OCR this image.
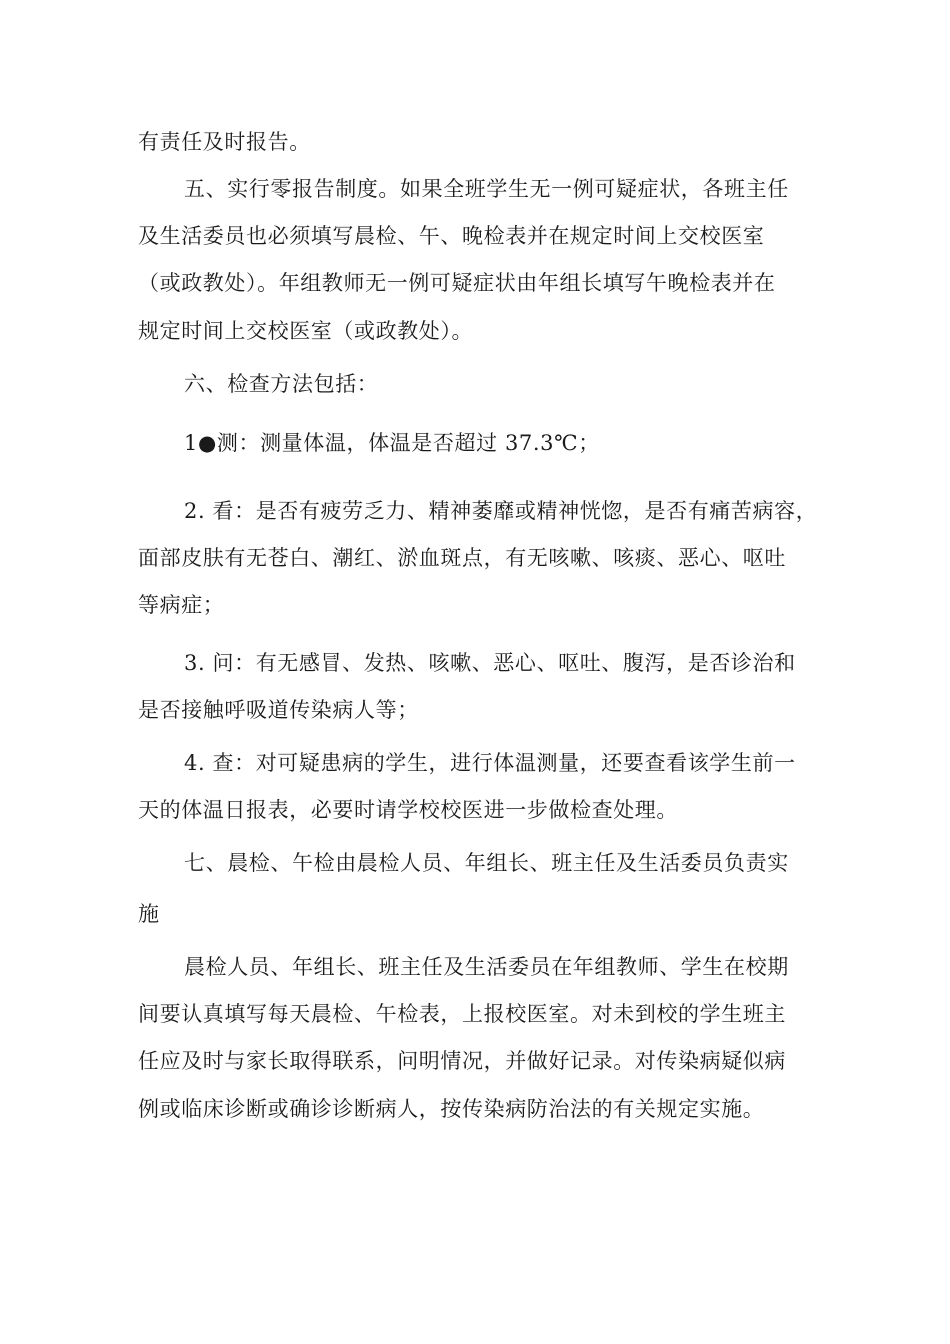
有责任及时报告。

五、实行零报告制度。如果全班学生无一例可疑症状，各班主任

及生活委员也必须填写晨检、午、晚检表并在规定时间上交校医室

（或政教处）。年组教师无一例可疑症状由年组长填写午晚检表并在

规定时间上交校医室（或政教处）。

六、检查方法包括：

1●测：测量体温，体温是否超过 37.3℃；

2. 看：是否有疲劳乏力、精神萎靡或精神恍惚，是否有痛苦病容，

面部皮肤有无苍白、潮红、淤血斑点，有无咳嗽、咳痰、恶心、呕吐

等病症；

3. 问：有无感冒、发热、咳嗽、恶心、呕吐、腹泻，是否诊治和

是否接触呼吸道传染病人等；

4. 查：对可疑患病的学生，进行体温测量，还要查看该学生前一

天的体温日报表，必要时请学校校医进一步做检查处理。

七、晨检、午检由晨检人员、年组长、班主任及生活委员负责实

施

晨检人员、年组长、班主任及生活委员在年组教师、学生在校期

间要认真填写每天晨检、午检表，上报校医室。对未到校的学生班主

任应及时与家长取得联系，问明情况，并做好记录。对传染病疑似病

例或临床诊断或确诊诊断病人，按传染病防治法的有关规定实施。
